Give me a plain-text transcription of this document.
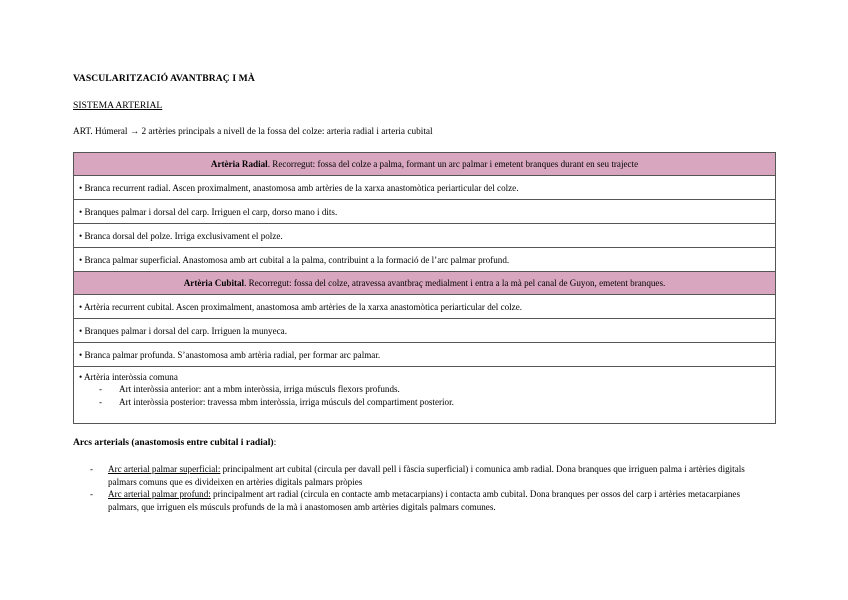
VASCULARITZACIÓ AVANTBRAÇ I MÀ
SISTEMA ARTERIAL
ART. Húmeral → 2 artèries principals a nivell de la fossa del colze: arteria radial i arteria cubital
Artèria Radial. Recorregut: fossa del colze a palma, formant un arc palmar i emetent branques durant en seu trajecte
• Branca recurrent radial. Ascen proximalment, anastomosa amb artèries de la xarxa anastomòtica periarticular del colze.
• Branques palmar i dorsal del carp. Irriguen el carp, dorso mano i dits.
• Branca dorsal del polze. Irriga exclusivament el polze.
• Branca palmar superficial. Anastomosa amb art cubital a la palma, contribuint a la formació de l’arc palmar profund.
Artèria Cubital. Recorregut: fossa del colze, atravessa avantbraç medialment i entra a la mà pel canal de Guyon, emetent branques.
• Artèria recurrent cubital. Ascen proximalment, anastomosa amb artèries de la xarxa anastomòtica periarticular del colze.
• Branques palmar i dorsal del carp. Irriguen la munyeca.
• Branca palmar profunda. S’anastomosa amb artèria radial, per formar arc palmar.

• Artèria interòssia comuna
- Art interòssia anterior: ant a mbm interòssia, irriga músculs flexors profunds.
- Art interòssia posterior: travessa mbm interòssia, irriga músculs del compartiment posterior.
Arcs arterials (anastomosis entre cubital i radial):
- Arc arterial palmar superficial: principalment art cubital (circula per davall pell i fàscia superficial) i comunica amb radial. Dona branques que irriguen palma i artèries digitals palmars comuns que es divideixen en artèries digitals palmars pròpies
- Arc arterial palmar profund: principalment art radial (circula en contacte amb metacarpians) i contacta amb cubital. Dona branques per ossos del carp i artèries metacarpianes palmars, que irriguen els músculs profunds de la mà i anastomosen amb artèries digitals palmars comunes.
